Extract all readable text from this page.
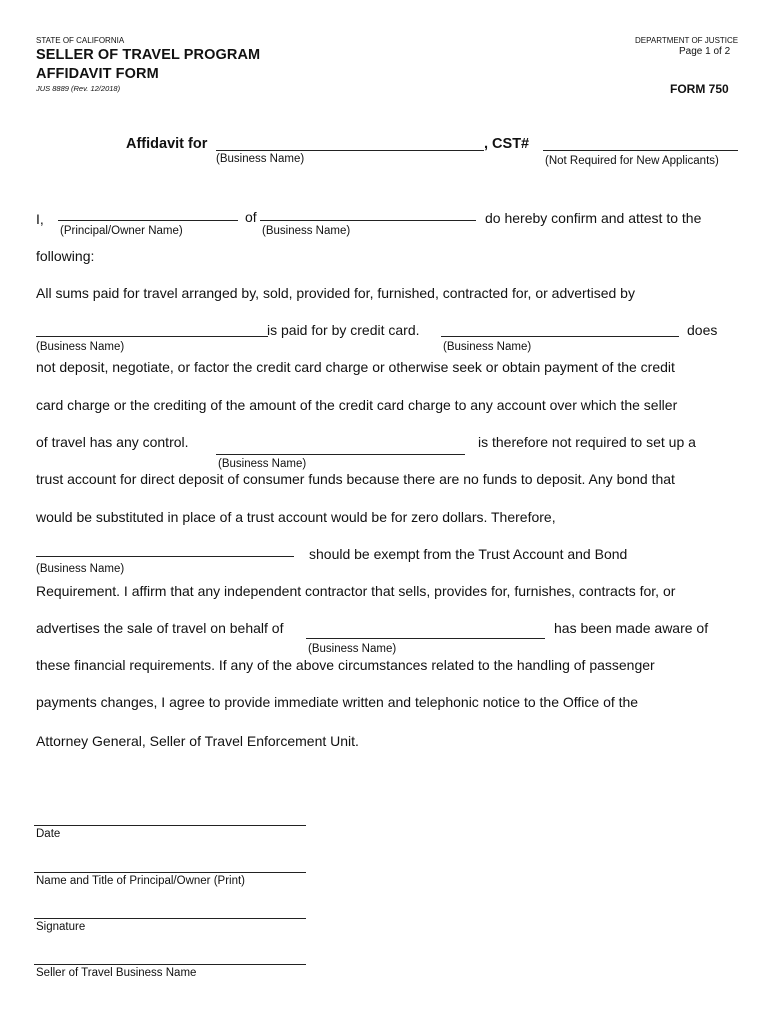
STATE OF CALIFORNIA
SELLER OF TRAVEL PROGRAM
AFFIDAVIT FORM
JUS 8889 (Rev. 12/2018)
DEPARTMENT OF JUSTICE
Page 1 of 2
FORM 750
Affidavit for
(Business Name)
, CST#
(Not Required for New Applicants)
I,
(Principal/Owner Name)
of
(Business Name)
do hereby confirm and attest to the
following:
All sums paid for travel arranged by, sold, provided for, furnished, contracted for, or advertised by
(Business Name)
is paid for by credit card.
(Business Name)
does
not deposit, negotiate, or factor the credit card charge or otherwise seek or obtain payment of the credit
card charge or the crediting of the amount of the credit card charge to any account over which the seller
of travel has any control.
(Business Name)
is therefore not required to set up a
trust account for direct deposit of consumer funds because there are no funds to deposit. Any bond that
would be substituted in place of a trust account would be for zero dollars. Therefore,
(Business Name)
should be exempt from the Trust Account and Bond
Requirement. I affirm that any independent contractor that sells, provides for, furnishes, contracts for, or
advertises the sale of travel on behalf of
(Business Name)
has been made aware of
these financial requirements. If any of the above circumstances related to the handling of passenger
payments changes, I agree to provide immediate written and telephonic notice to the Office of the
Attorney General, Seller of Travel Enforcement Unit.
Date
Name and Title of Principal/Owner (Print)
Signature
Seller of Travel Business Name
